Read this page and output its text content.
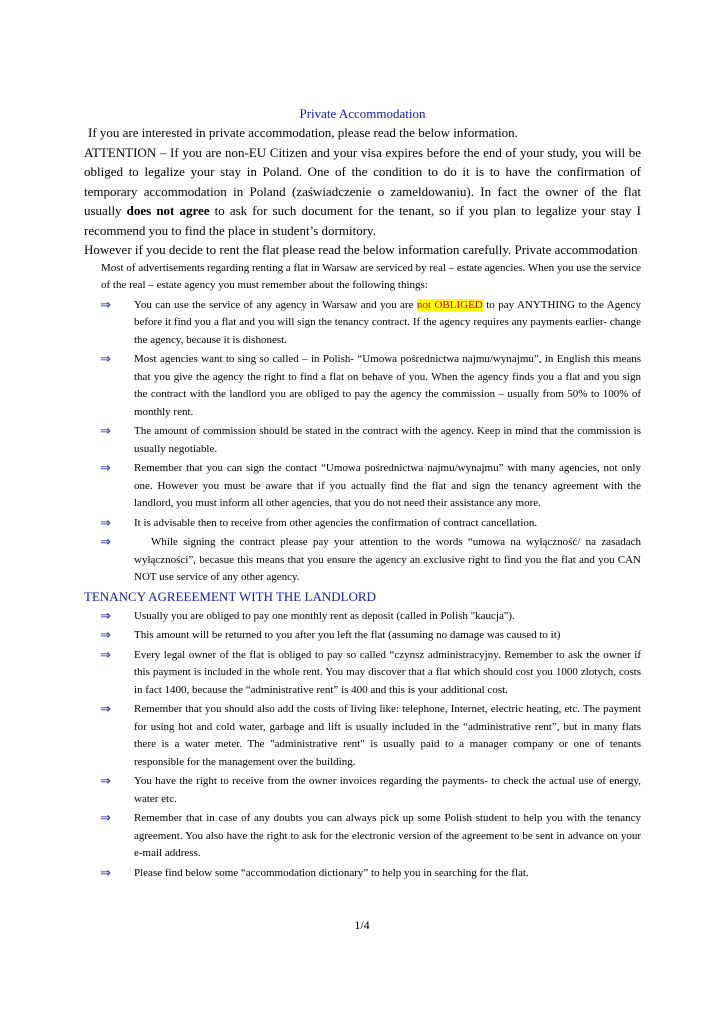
Private Accommodation

If you are interested in private accommodation, please read the below information.

ATTENTION – If you are non-EU Citizen and your visa expires before the end of your study, you will be obliged to legalize your stay in Poland. One of the condition to do it is to have the confirmation of temporary accommodation in Poland (zaświadczenie o zameldowaniu). In fact the owner of the flat usually does not agree to ask for such document for the tenant, so if you plan to legalize your stay I recommend you to find the place in student’s dormitory.

However if you decide to rent the flat please read the below information carefully. Private accommodation

Most of advertisements regarding renting a flat in Warsaw are serviced by real – estate agencies. When you use the service of the real – estate agency you must remember about the following things:

⇒	You can use the service of any agency in Warsaw and you are not OBLIGED to pay ANYTHING to the Agency before it find you a flat and you will sign the tenancy contract. If the agency requires any payments earlier- change the agency, because it is dishonest.
⇒	Most agencies want to sing so called – in Polish- “Umowa pośrednictwa najmu/wynajmu”, in English this means that you give the agency the right to find a flat on behave of you. When the agency finds you a flat and you sign the contract with the landlord you are obliged to pay the agency the commission – usually from 50% to 100% of monthly rent.
⇒	The amount of commission should be stated in the contract with the agency. Keep in mind that the commission is usually negotiable.
⇒	Remember that you can sign the contact “Umowa pośrednictwa najmu/wynajmu” with many agencies, not only one. However you must be aware that if you actually find the flat and sign the tenancy agreement with the landlord, you must inform all other agencies, that you do not need their assistance any more.
⇒	It is advisable then to receive from other agencies the confirmation of contract cancellation.
⇒	While signing the contract please pay your attention to the words “umowa na wyłączność/ na zasadach wyłączności”, becasue this means that you ensure the agency an exclusive right to find you the flat and you CAN NOT use service of any other agency.

TENANCY AGREEEMENT WITH THE LANDLORD

⇒	Usually you are obliged to pay one monthly rent as deposit (called in Polish "kaucja").
⇒	This amount will be returned to you after you left the flat (assuming no damage was caused to it)
⇒	Every legal owner of the flat is obliged to pay so called “czynsz administracyjny. Remember to ask the owner if this payment is included in the whole rent. You may discover that a flat which should cost you 1000 zlotych, costs in fact 1400, because the “administrative rent” is 400 and this is your additional cost.
⇒	Remember that you should also add the costs of living like: telephone, Internet, electric heating, etc. The payment for using hot and cold water, garbage and lift is usually included in the “administrative rent”, but in many flats there is a water meter. The "administrative rent" is usually paid to a manager company or one of tenants responsible for the management over the building.
⇒	You have the right to receive from the owner invoices regarding the payments- to check the actual use of energy, water etc.
⇒	Remember that in case of any doubts you can always pick up some Polish student to help you with the tenancy agreement. You also have the right to ask for the electronic version of the agreement to be sent in advance on your e-mail address.
⇒	Please find below some “accommodation dictionary” to help you in searching for the flat.
1/4
